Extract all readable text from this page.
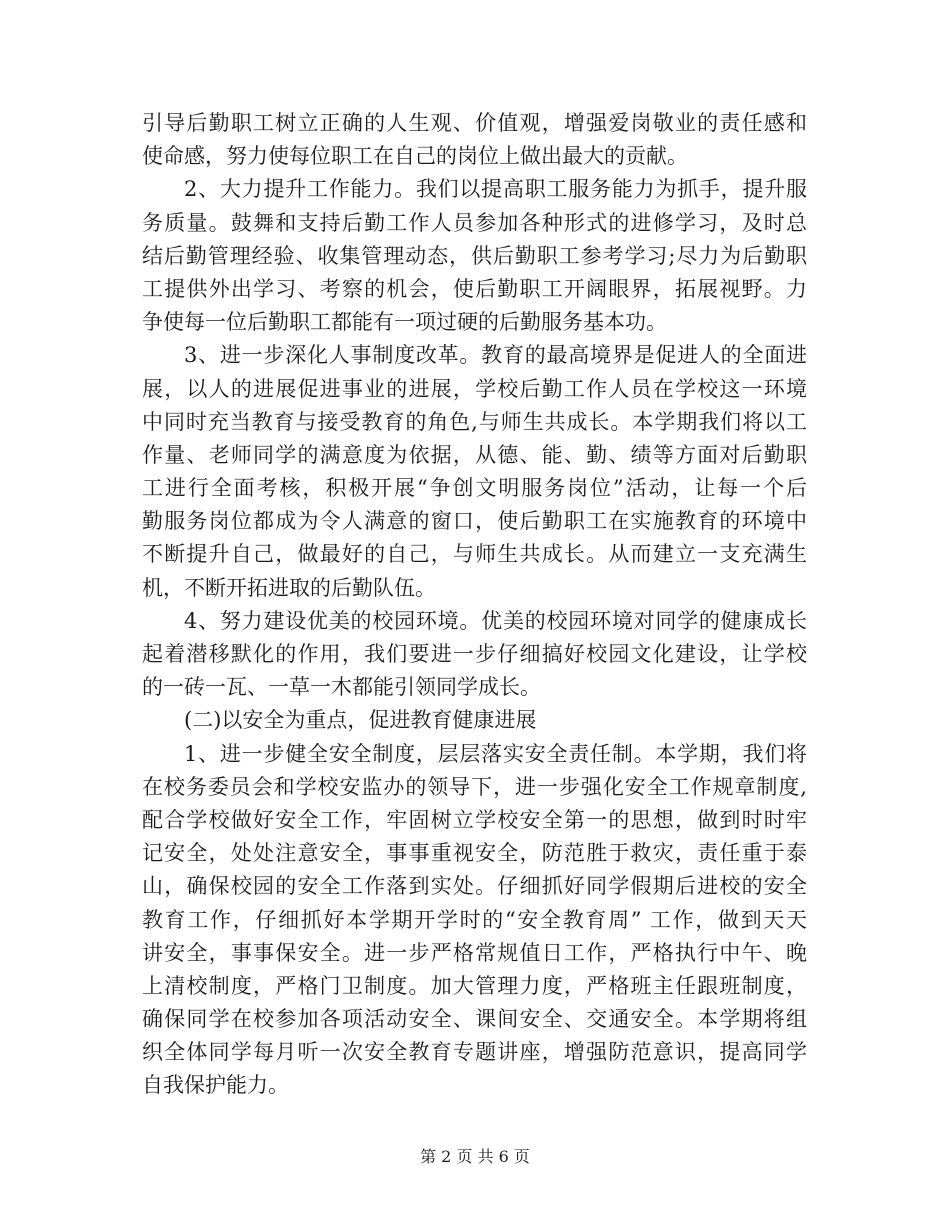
引导后勤职工树立正确的人生观、价值观，增强爱岗敬业的责任感和
使命感，努力使每位职工在自己的岗位上做出最大的贡献。
2、大力提升工作能力。我们以提高职工服务能力为抓手，提升服
务质量。鼓舞和支持后勤工作人员参加各种形式的进修学习，及时总
结后勤管理经验、收集管理动态，供后勤职工参考学习;尽力为后勤职
工提供外出学习、考察的机会，使后勤职工开阔眼界，拓展视野。力
争使每一位后勤职工都能有一项过硬的后勤服务基本功。
3、进一步深化人事制度改革。教育的最高境界是促进人的全面进
展，以人的进展促进事业的进展，学校后勤工作人员在学校这一环境
中同时充当教育与接受教育的角色,与师生共成长。本学期我们将以工
作量、老师同学的满意度为依据，从德、能、勤、绩等方面对后勤职
工进行全面考核，积极开展“争创文明服务岗位”活动，让每一个后
勤服务岗位都成为令人满意的窗口，使后勤职工在实施教育的环境中
不断提升自己，做最好的自己，与师生共成长。从而建立一支充满生
机，不断开拓进取的后勤队伍。
4、努力建设优美的校园环境。优美的校园环境对同学的健康成长
起着潜移默化的作用，我们要进一步仔细搞好校园文化建设，让学校
的一砖一瓦、一草一木都能引领同学成长。
(二)以安全为重点，促进教育健康进展
1、进一步健全安全制度，层层落实安全责任制。本学期，我们将
在校务委员会和学校安监办的领导下，进一步强化安全工作规章制度,
配合学校做好安全工作，牢固树立学校安全第一的思想，做到时时牢
记安全，处处注意安全，事事重视安全，防范胜于救灾，责任重于泰
山，确保校园的安全工作落到实处。仔细抓好同学假期后进校的安全
教育工作，仔细抓好本学期开学时的“安全教育周” 工作，做到天天
讲安全，事事保安全。进一步严格常规值日工作，严格执行中午、晚
上清校制度，严格门卫制度。加大管理力度，严格班主任跟班制度，
确保同学在校参加各项活动安全、课间安全、交通安全。本学期将组
织全体同学每月听一次安全教育专题讲座，增强防范意识，提高同学
自我保护能力。
第 2 页 共 6 页
